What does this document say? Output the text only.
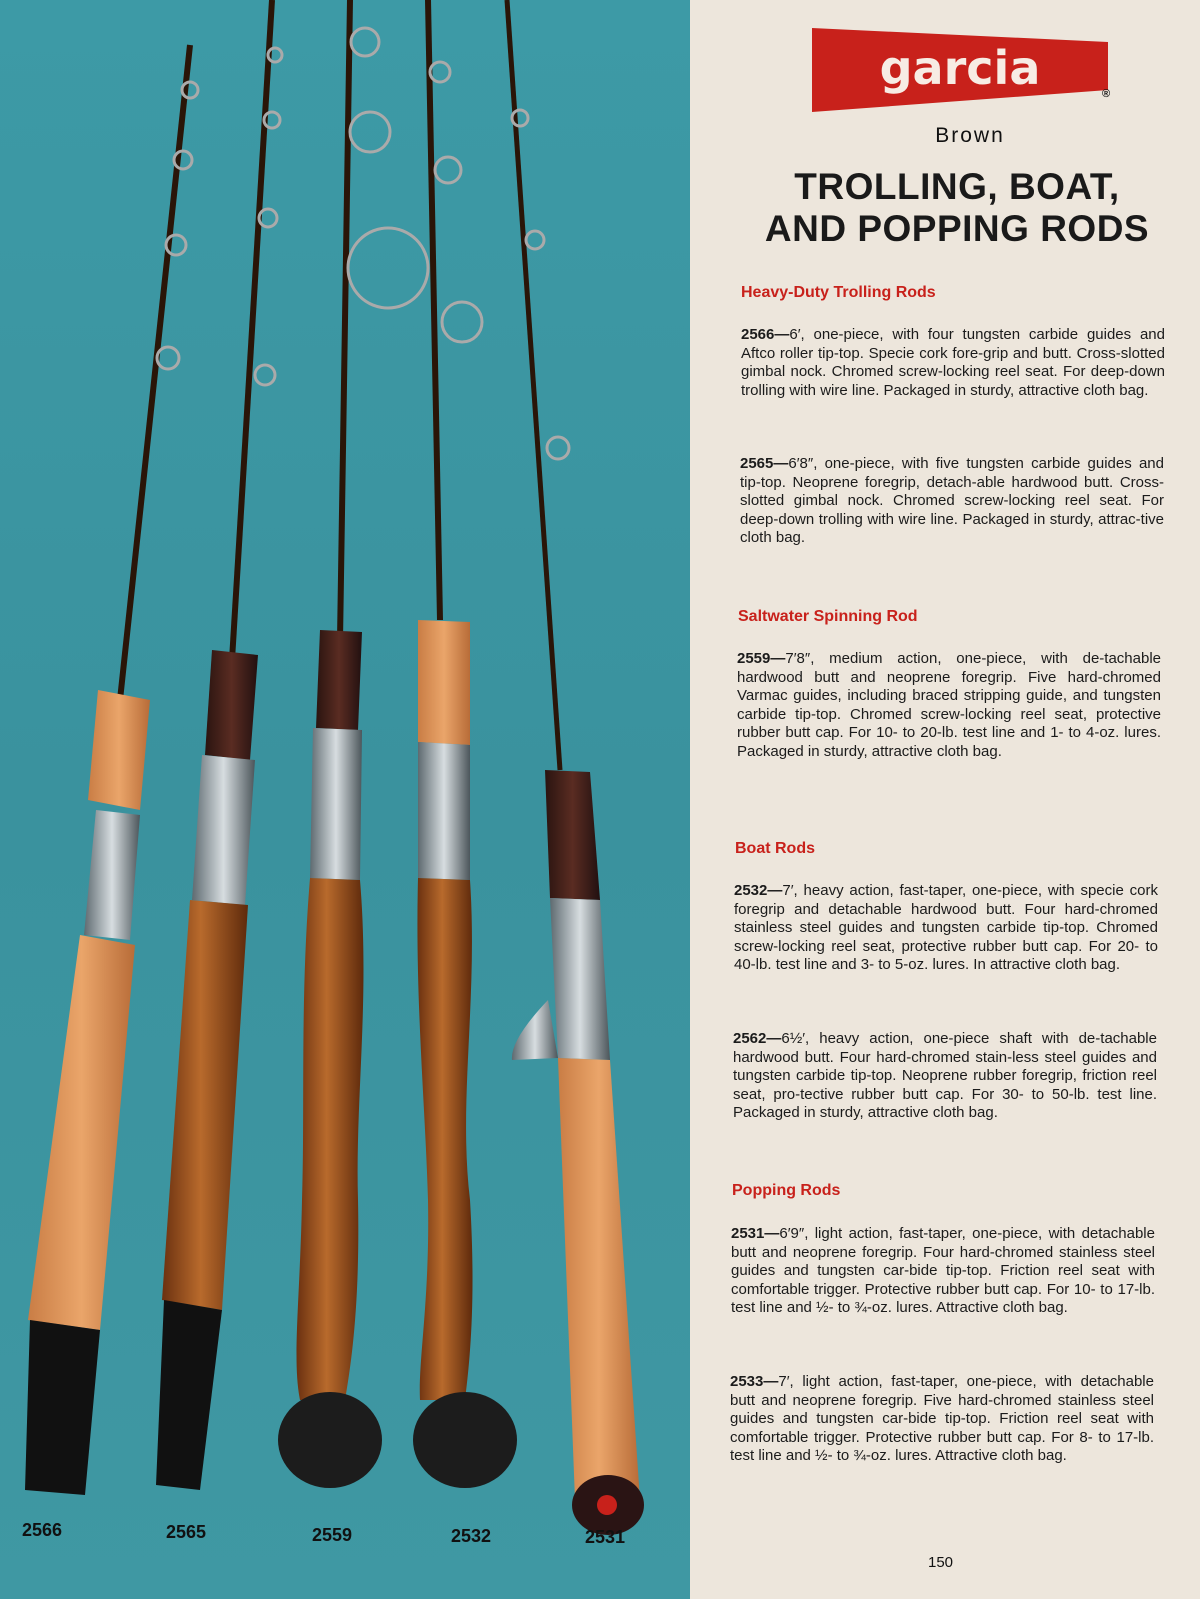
2566	2565	2559	2532	2531
garcia	®
Brown
TROLLING, BOAT,
AND POPPING RODS
Heavy-Duty Trolling Rods
2566—6′, one-piece, with four tungsten carbide guides and Aftco roller tip-top. Specie cork fore-grip and butt. Cross-slotted gimbal nock. Chromed screw-locking reel seat. For deep-down trolling with wire line. Packaged in sturdy, attractive cloth bag.
2565—6′8″, one-piece, with five tungsten carbide guides and tip-top. Neoprene foregrip, detach-able hardwood butt. Cross-slotted gimbal nock. Chromed screw-locking reel seat. For deep-down trolling with wire line. Packaged in sturdy, attrac-tive cloth bag.
Saltwater Spinning Rod
2559—7′8″, medium action, one-piece, with de-tachable hardwood butt and neoprene foregrip. Five hard-chromed Varmac guides, including braced stripping guide, and tungsten carbide tip-top. Chromed screw-locking reel seat, protective rubber butt cap. For 10- to 20-lb. test line and 1- to 4-oz. lures. Packaged in sturdy, attractive cloth bag.
Boat Rods
2532—7′, heavy action, fast-taper, one-piece, with specie cork foregrip and detachable hardwood butt. Four hard-chromed stainless steel guides and tungsten carbide tip-top. Chromed screw-locking reel seat, protective rubber butt cap. For 20- to 40-lb. test line and 3- to 5-oz. lures. In attractive cloth bag.
2562—6½′, heavy action, one-piece shaft with de-tachable hardwood butt. Four hard-chromed stain-less steel guides and tungsten carbide tip-top. Neoprene rubber foregrip, friction reel seat, pro-tective rubber butt cap. For 30- to 50-lb. test line. Packaged in sturdy, attractive cloth bag.
Popping Rods
2531—6′9″, light action, fast-taper, one-piece, with detachable butt and neoprene foregrip. Four hard-chromed stainless steel guides and tungsten car-bide tip-top. Friction reel seat with comfortable trigger. Protective rubber butt cap. For 10- to 17-lb. test line and ½- to ¾-oz. lures. Attractive cloth bag.
2533—7′, light action, fast-taper, one-piece, with detachable butt and neoprene foregrip. Five hard-chromed stainless steel guides and tungsten car-bide tip-top. Friction reel seat with comfortable trigger. Protective rubber butt cap. For 8- to 17-lb. test line and ½- to ¾-oz. lures. Attractive cloth bag.
150
